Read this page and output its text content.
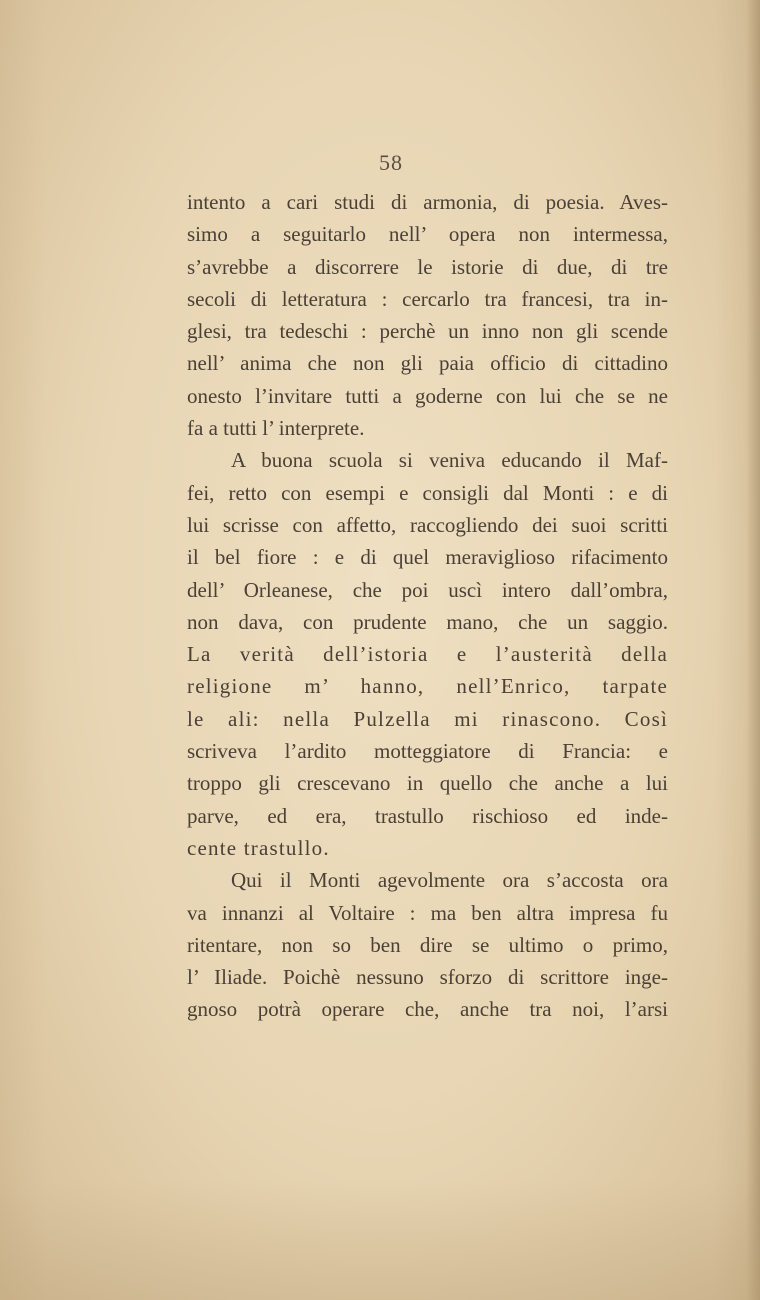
58
intento a cari studi di armonia, di poesia. Aves-
simo a seguitarlo nell’ opera non intermessa,
s’avrebbe a discorrere le istorie di due, di tre
secoli di letteratura : cercarlo tra francesi, tra in-
glesi, tra tedeschi : perchè un inno non gli scende
nell’ anima che non gli paia officio di cittadino
onesto l’invitare tutti a goderne con lui che se ne
fa a tutti l’ interprete.
A buona scuola si veniva educando il Maf-
fei, retto con esempi e consigli dal Monti : e di
lui scrisse con affetto, raccogliendo dei suoi scritti
il bel fiore : e di quel meraviglioso rifacimento
dell’ Orleanese, che poi uscì intero dall’ombra,
non dava, con prudente mano, che un saggio.
La verità dell’istoria e l’austerità della
religione m’ hanno, nell’Enrico, tarpate
le ali: nella Pulzella mi rinascono. Così
scriveva l’ardito motteggiatore di Francia: e
troppo gli crescevano in quello che anche a lui
parve, ed era, trastullo rischioso ed inde-
cente trastullo.
Qui il Monti agevolmente ora s’accosta ora
va innanzi al Voltaire : ma ben altra impresa fu
ritentare, non so ben dire se ultimo o primo,
l’ Iliade. Poichè nessuno sforzo di scrittore inge-
gnoso potrà operare che, anche tra noi, l’arsi
